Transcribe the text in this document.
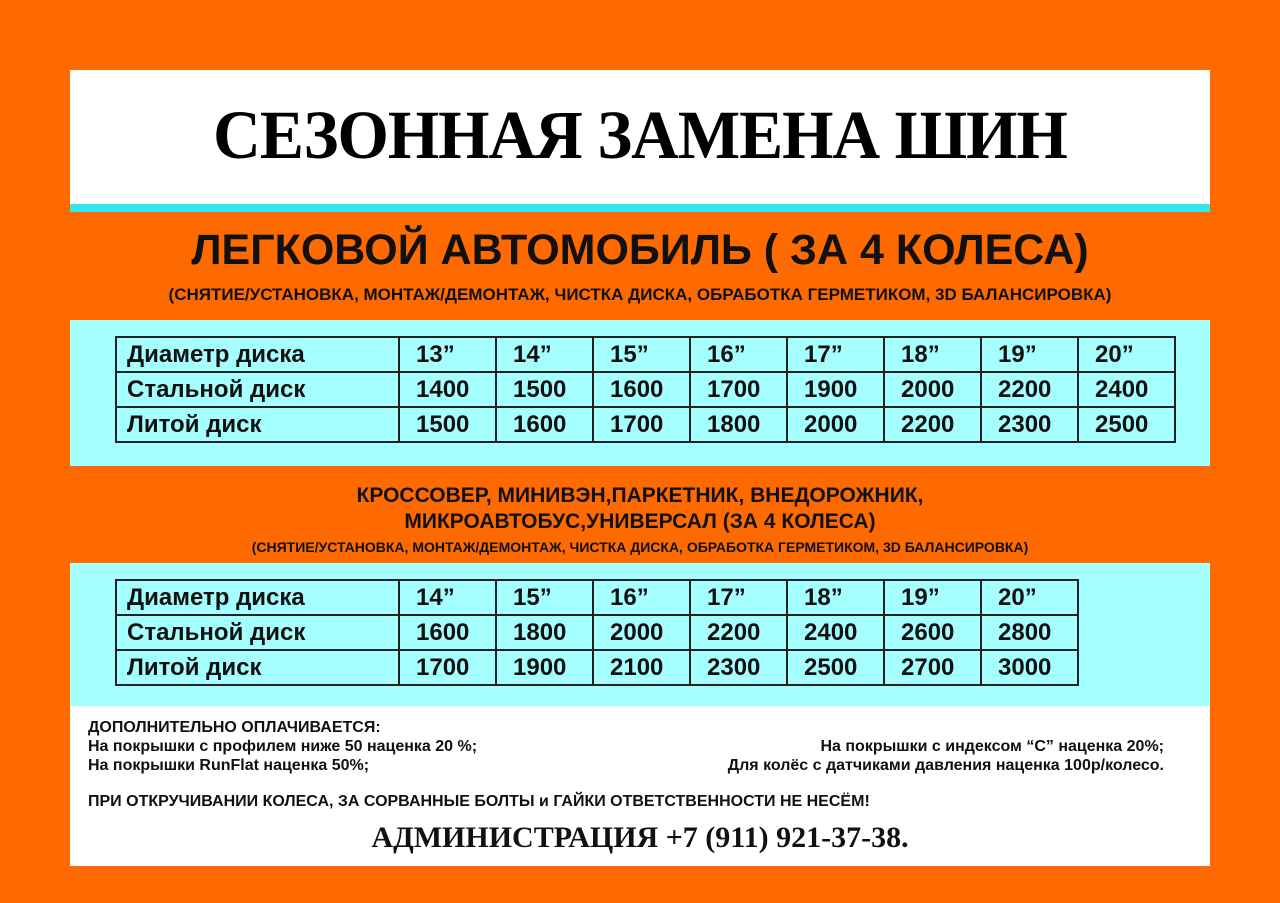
СЕЗОННАЯ ЗАМЕНА ШИН
ЛЕГКОВОЙ АВТОМОБИЛЬ ( ЗА 4 КОЛЕСА)
(СНЯТИЕ/УСТАНОВКА, МОНТАЖ/ДЕМОНТАЖ, ЧИСТКА ДИСКА, ОБРАБОТКА ГЕРМЕТИКОМ, 3D БАЛАНСИРОВКА)
Диаметр диска	13”	14”	15”	16”	17”	18”	19”	20”
Стальной диск	1400	1500	1600	1700	1900	2000	2200	2400
Литой диск	1500	1600	1700	1800	2000	2200	2300	2500
КРОССОВЕР, МИНИВЭН,ПАРКЕТНИК, ВНЕДОРОЖНИК,
МИКРОАВТОБУС,УНИВЕРСАЛ (ЗА 4 КОЛЕСА)
(СНЯТИЕ/УСТАНОВКА, МОНТАЖ/ДЕМОНТАЖ, ЧИСТКА ДИСКА, ОБРАБОТКА ГЕРМЕТИКОМ, 3D БАЛАНСИРОВКА)
Диаметр диска	14”	15”	16”	17”	18”	19”	20”
Стальной диск	1600	1800	2000	2200	2400	2600	2800
Литой диск	1700	1900	2100	2300	2500	2700	3000
ДОПОЛНИТЕЛЬНО ОПЛАЧИВАЕТСЯ:
На покрышки с профилем ниже 50 наценка 20 %;	На покрышки с индексом “С” наценка 20%;
На покрышки RunFlat наценка 50%;	Для колёс с датчиками давления наценка 100р/колесо.
ПРИ ОТКРУЧИВАНИИ КОЛЕСА, ЗА СОРВАННЫЕ БОЛТЫ и ГАЙКИ ОТВЕТСТВЕННОСТИ НЕ НЕСЁМ!
АДМИНИСТРАЦИЯ +7 (911) 921-37-38.
